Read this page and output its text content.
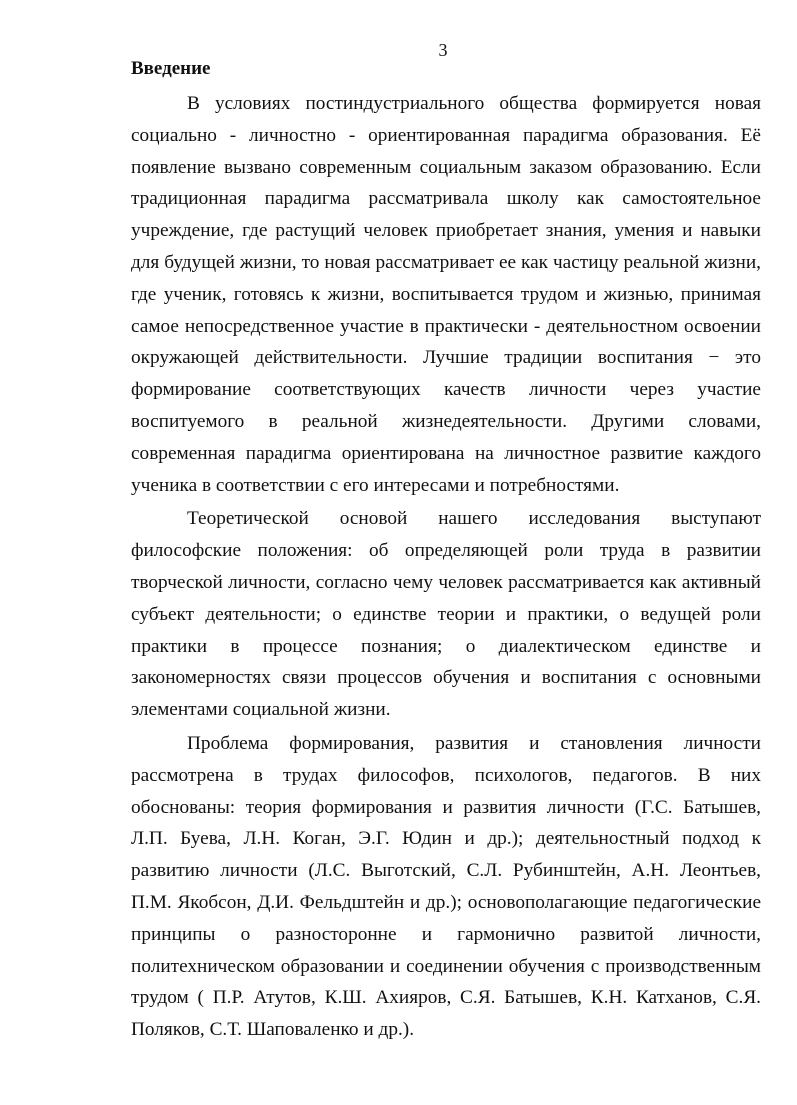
3
Введение

В условиях постиндустриального общества формируется новая социально - личностно - ориентированная парадигма образования. Её появление вызвано современным социальным заказом образованию. Если традиционная парадигма рассматривала школу как самостоятельное учреждение, где растущий человек приобретает знания, умения и навыки для будущей жизни, то новая рассматривает ее как частицу реальной жизни, где ученик, готовясь к жизни, воспитывается трудом и жизнью, принимая самое непосредственное участие в практически - деятельностном освоении окружающей действительности. Лучшие традиции воспитания − это формирование соответствующих качеств личности через участие воспитуемого в реальной жизнедеятельности. Другими словами, современная парадигма ориентирована на личностное развитие каждого ученика в соответствии с его интересами и потребностями.

Теоретической основой нашего исследования выступают философские положения: об определяющей роли труда в развитии творческой личности, согласно чему человек рассматривается как активный субъект деятельности; о единстве теории и практики, о ведущей роли практики в процессе познания; о диалектическом единстве и закономерностях связи процессов обучения и воспитания с основными элементами социальной жизни.

Проблема формирования, развития и становления личности рассмотрена в трудах философов, психологов, педагогов. В них обоснованы: теория формирования и развития личности (Г.С. Батышев, Л.П. Буева, Л.Н. Коган, Э.Г. Юдин и др.); деятельностный подход к развитию личности (Л.С. Выготский, С.Л. Рубинштейн, А.Н. Леонтьев, П.М. Якобсон, Д.И. Фельдштейн и др.); основополагающие педагогические принципы о разносторонне и гармонично развитой личности, политехническом образовании и соединении обучения с производственным трудом ( П.Р. Атутов, К.Ш. Ахияров, С.Я. Батышев, К.Н. Катханов, С.Я. Поляков, С.Т. Шаповаленко и др.).
